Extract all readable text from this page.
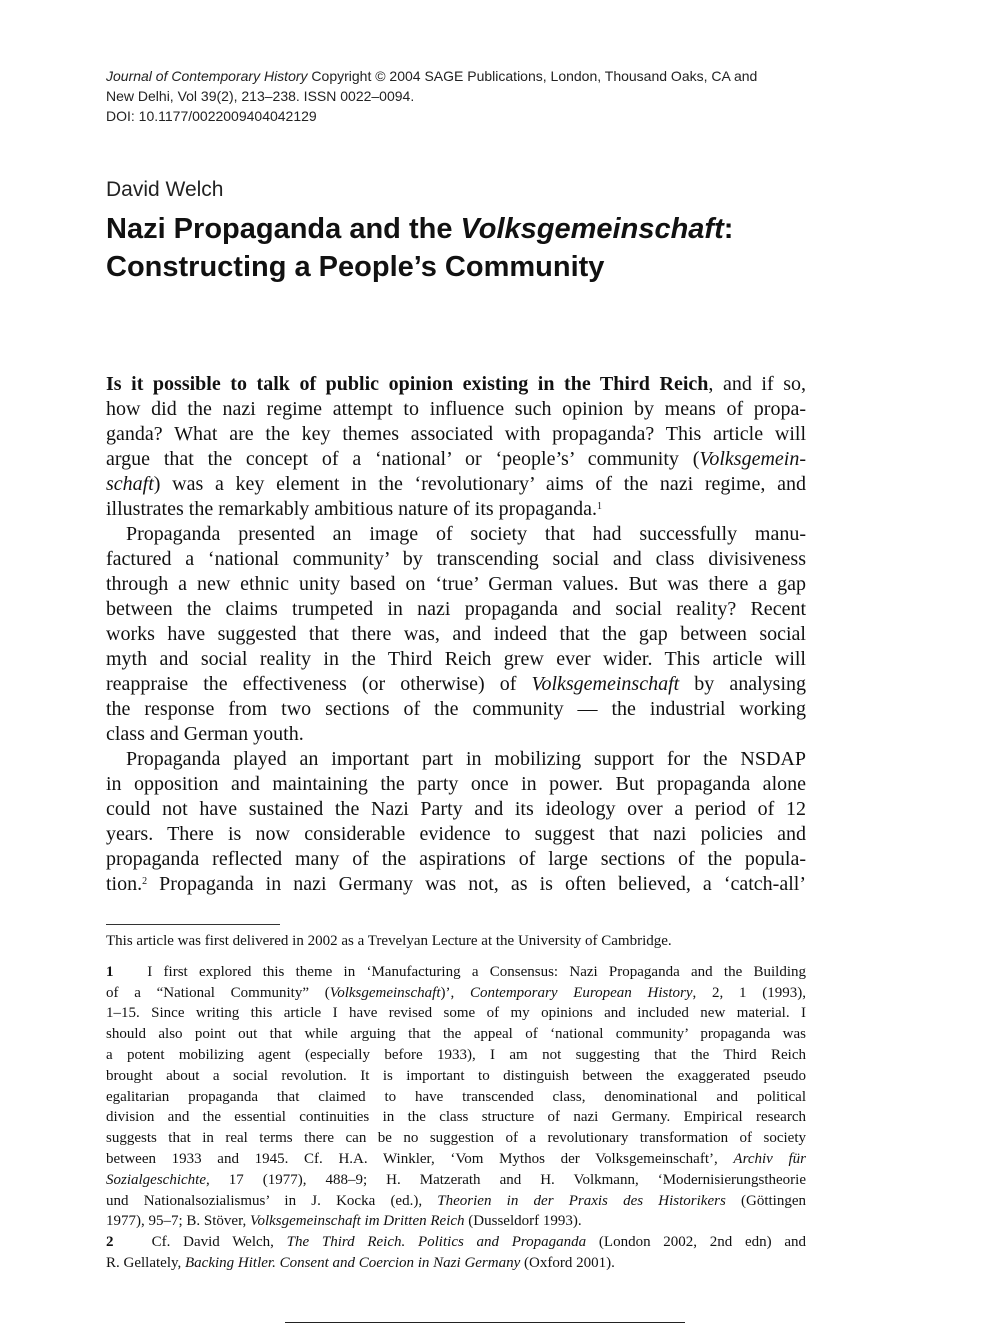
Journal of Contemporary History Copyright © 2004 SAGE Publications, London, Thousand Oaks, CA and
New Delhi, Vol 39(2), 213–238. ISSN 0022–0094.
DOI: 10.1177/0022009404042129
David Welch
Nazi Propaganda and the Volksgemeinschaft:
Constructing a People’s Community
Is it possible to talk of public opinion existing in the Third Reich, and if so,
how did the nazi regime attempt to influence such opinion by means of propa-
ganda? What are the key themes associated with propaganda? This article will
argue that the concept of a ‘national’ or ‘people’s’ community (Volksgemein-
schaft) was a key element in the ‘revolutionary’ aims of the nazi regime, and
illustrates the remarkably ambitious nature of its propaganda.$^1$
Propaganda presented an image of society that had successfully manu-
factured a ‘national community’ by transcending social and class divisiveness
through a new ethnic unity based on ‘true’ German values. But was there a gap
between the claims trumpeted in nazi propaganda and social reality? Recent
works have suggested that there was, and indeed that the gap between social
myth and social reality in the Third Reich grew ever wider. This article will
reappraise the effectiveness (or otherwise) of Volksgemeinschaft by analysing
the response from two sections of the community — the industrial working
class and German youth.
Propaganda played an important part in mobilizing support for the NSDAP
in opposition and maintaining the party once in power. But propaganda alone
could not have sustained the Nazi Party and its ideology over a period of 12
years. There is now considerable evidence to suggest that nazi policies and
propaganda reflected many of the aspirations of large sections of the popula-
tion.$^2$ Propaganda in nazi Germany was not, as is often believed, a ‘catch-all’
This article was first delivered in 2002 as a Trevelyan Lecture at the University of Cambridge.
1 I first explored this theme in ‘Manufacturing a Consensus: Nazi Propaganda and the Building
of a “National Community” (Volksgemeinschaft)’, Contemporary European History, 2, 1 (1993),
1–15. Since writing this article I have revised some of my opinions and included new material. I
should also point out that while arguing that the appeal of ‘national community’ propaganda was
a potent mobilizing agent (especially before 1933), I am not suggesting that the Third Reich
brought about a social revolution. It is important to distinguish between the exaggerated pseudo
egalitarian propaganda that claimed to have transcended class, denominational and political
division and the essential continuities in the class structure of nazi Germany. Empirical research
suggests that in real terms there can be no suggestion of a revolutionary transformation of society
between 1933 and 1945. Cf. H.A. Winkler, ‘Vom Mythos der Volksgemeinschaft’, Archiv für
Sozialgeschichte, 17 (1977), 488–9; H. Matzerath and H. Volkmann, ‘Modernisierungstheorie
und Nationalsozialismus’ in J. Kocka (ed.), Theorien in der Praxis des Historikers (Göttingen
1977), 95–7; B. Stöver, Volksgemeinschaft im Dritten Reich (Dusseldorf 1993).
2	Cf. David Welch, The Third Reich. Politics and Propaganda (London 2002, 2nd edn) and
R. Gellately, Backing Hitler. Consent and Coercion in Nazi Germany (Oxford 2001).
